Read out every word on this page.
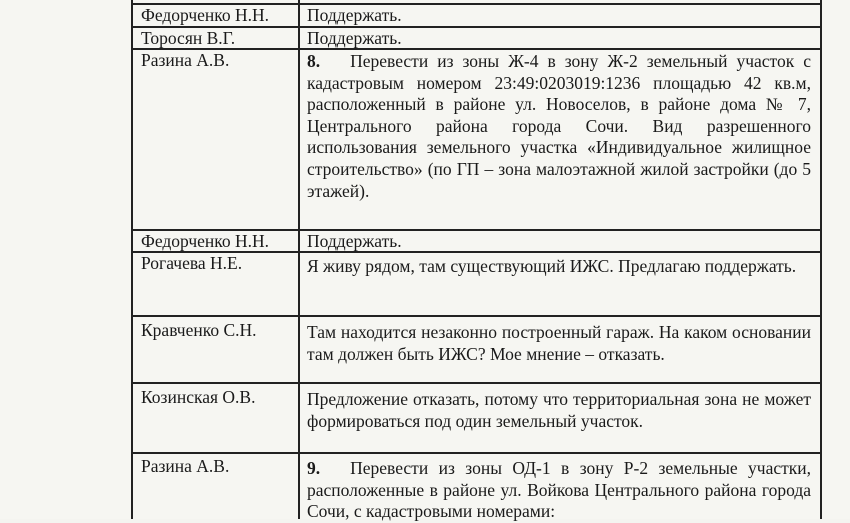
Федорченко Н.Н. Поддержать.
Торосян В.Г.	Поддержать.
Разина А.В.	8. Перевести из зоны Ж-4 в зону Ж-2 земельный участок с кадастровым номером 23:49:0203019:1236 площадью 42 кв.м, расположенный в районе ул. Новоселов, в районе дома № 7, Центрального района города Сочи. Вид разрешенного использования земельного участка «Индивидуальное жилищное строительство» (по ГП – зона малоэтажной жилой застройки (до 5 этажей).
Федорченко Н.Н. Поддержать.
Рогачева Н.Е.	Я живу рядом, там существующий ИЖС. Предлагаю поддержать.
Кравченко С.Н.	Там находится незаконно построенный гараж. На каком основании там должен быть ИЖС? Мое мнение – отказать.
Козинская О.В.	Предложение отказать, потому что территориальная зона не может формироваться под один земельный участок.
Разина А.В.	9. Перевести из зоны ОД-1 в зону Р-2 земельные участки, расположенные в районе ул. Войкова Центрального района города Сочи, с кадастровыми номерами:
